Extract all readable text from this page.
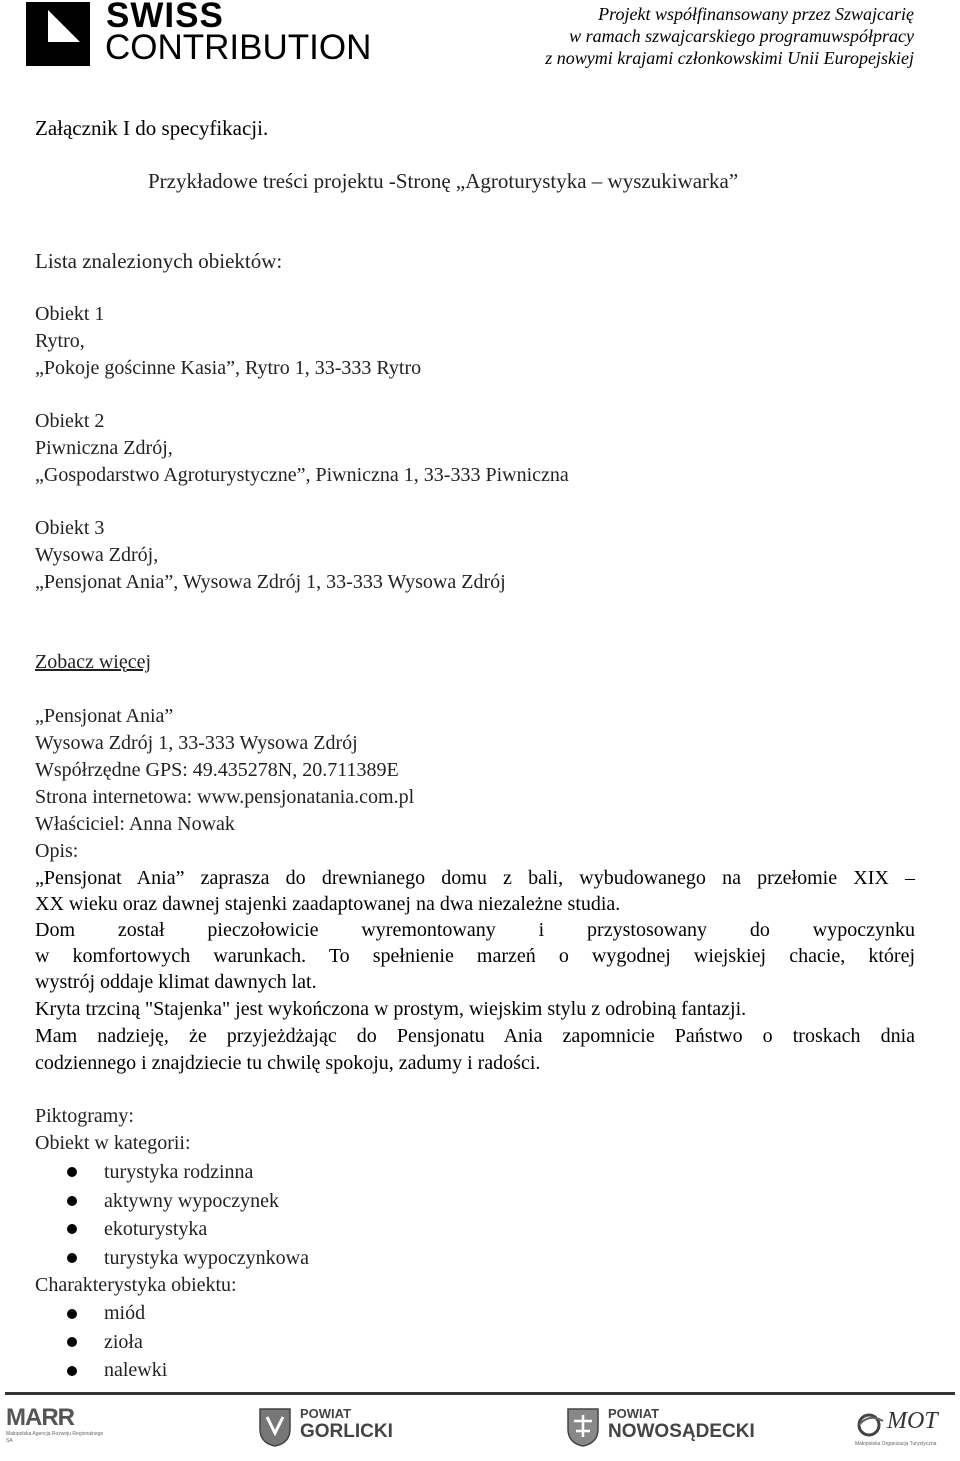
SWISS
CONTRIBUTION
Projekt współfinansowany przez Szwajcarię
w ramach szwajcarskiego programuwspółpracy
z nowymi krajami członkowskimi Unii Europejskiej
Załącznik I do specyfikacji.
Przykładowe treści projektu -Stronę „Agroturystyka – wyszukiwarka”
Lista znalezionych obiektów:
Obiekt 1
Rytro,
„Pokoje gościnne Kasia”, Rytro 1, 33-333 Rytro
Obiekt 2
Piwniczna Zdrój,
„Gospodarstwo Agroturystyczne”, Piwniczna 1, 33-333 Piwniczna
Obiekt 3
Wysowa Zdrój,
„Pensjonat Ania”, Wysowa Zdrój 1, 33-333 Wysowa Zdrój
Zobacz więcej
„Pensjonat Ania”
Wysowa Zdrój 1, 33-333 Wysowa Zdrój
Współrzędne GPS: 49.435278N, 20.711389E
Strona internetowa: www.pensjonatania.com.pl
Właściciel: Anna Nowak
Opis:
„Pensjonat Ania” zaprasza do drewnianego domu z bali, wybudowanego na przełomie XIX –
XX wieku oraz dawnej stajenki zaadaptowanej na dwa niezależne studia.
Dom został pieczołowicie wyremontowany i przystosowany do wypoczynku
w komfortowych warunkach. To spełnienie marzeń o wygodnej wiejskiej chacie, której
wystrój oddaje klimat dawnych lat.
Kryta trzciną "Stajenka" jest wykończona w prostym, wiejskim stylu z odrobiną fantazji.
Mam nadzieję, że przyjeżdżając do Pensjonatu Ania zapomnicie Państwo o troskach dnia
codziennego i znajdziecie tu chwilę spokoju, zadumy i radości.
Piktogramy:
Obiekt w kategorii:
turystyka rodzinna
aktywny wypoczynek
ekoturystyka
turystyka wypoczynkowa
Charakterystyka obiektu:
miód
zioła
nalewki
MARR
Małopolska Agencja Rozwoju Regionalnego SA
POWIAT
GORLICKI
POWIAT
NOWOSĄDECKI	MOT
Małopolska Organizacja Turystyczna
